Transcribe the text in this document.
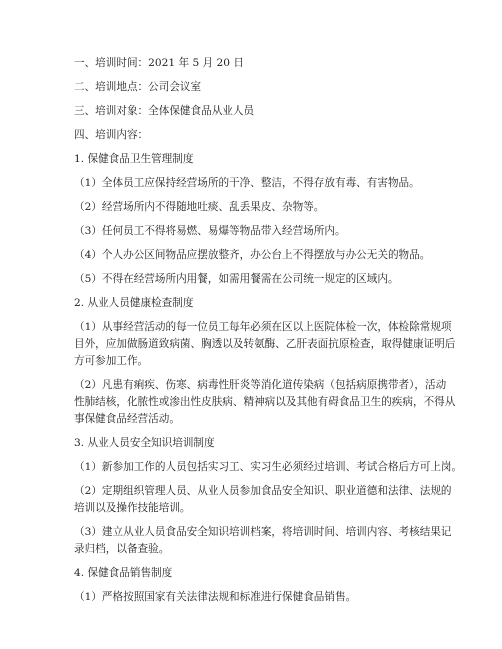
一、培训时间：2021 年 5 月 20 日
二、培训地点：公司会议室
三、培训对象：全体保健食品从业人员
四、培训内容：
1. 保健食品卫生管理制度
（1）全体员工应保持经营场所的干净、整洁，不得存放有毒、有害物品。
（2）经营场所内不得随地吐痰、乱丢果皮、杂物等。
（3）任何员工不得将易燃、易爆等物品带入经营场所内。
（4）个人办公区间物品应摆放整齐，办公台上不得摆放与办公无关的物品。
（5）不得在经营场所内用餐，如需用餐需在公司统一规定的区域内。
2. 从业人员健康检查制度
（1）从事经营活动的每一位员工每年必须在区以上医院体检一次，体检除常规项
目外，应加做肠道致病菌、胸透以及转氨酶、乙肝表面抗原检查，取得健康证明后
方可参加工作。
（2）凡患有痢疾、伤寒、病毒性肝炎等消化道传染病（包括病原携带者），活动
性肺结核，化脓性或渗出性皮肤病、精神病以及其他有碍食品卫生的疾病，不得从
事保健食品经营活动。
3. 从业人员安全知识培训制度
（1）新参加工作的人员包括实习工、实习生必须经过培训、考试合格后方可上岗。
（2）定期组织管理人员、从业人员参加食品安全知识、职业道德和法律、法规的
培训以及操作技能培训。
（3）建立从业人员食品安全知识培训档案，将培训时间、培训内容、考核结果记
录归档，以备查验。
4. 保健食品销售制度
（1）严格按照国家有关法律法规和标准进行保健食品销售。
